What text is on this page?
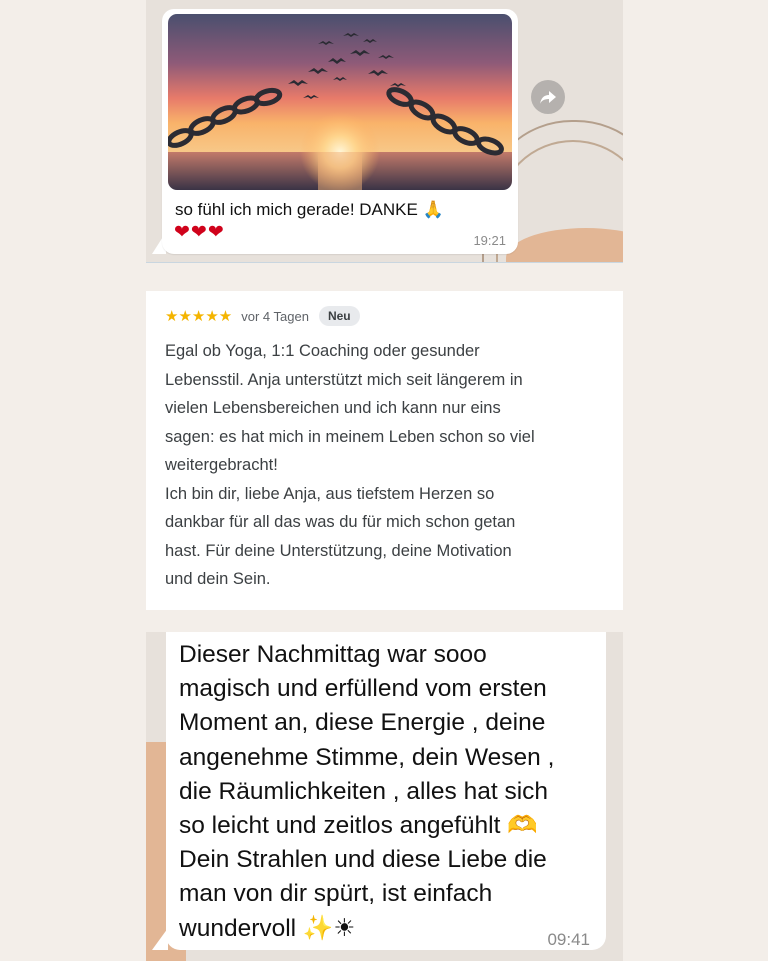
so fühl ich mich gerade! DANKE 🙏
❤❤❤	19:21
★★★★★ vor 4 Tagen	Neu
Egal ob Yoga, 1:1 Coaching oder gesunder
Lebensstil. Anja unterstützt mich seit längerem in
vielen Lebensbereichen und ich kann nur eins
sagen: es hat mich in meinem Leben schon so viel
weitergebracht!
Ich bin dir, liebe Anja, aus tiefstem Herzen so
dankbar für all das was du für mich schon getan
hast. Für deine Unterstützung, deine Motivation
und dein Sein.
Dieser Nachmittag war sooo
magisch und erfüllend vom ersten
Moment an, diese Energie , deine
angenehme Stimme, dein Wesen ,
die Räumlichkeiten , alles hat sich
so leicht und zeitlos angefühlt 🫶
Dein Strahlen und diese Liebe die
man von dir spürt, ist einfach
wundervoll ✨☀	09:41
